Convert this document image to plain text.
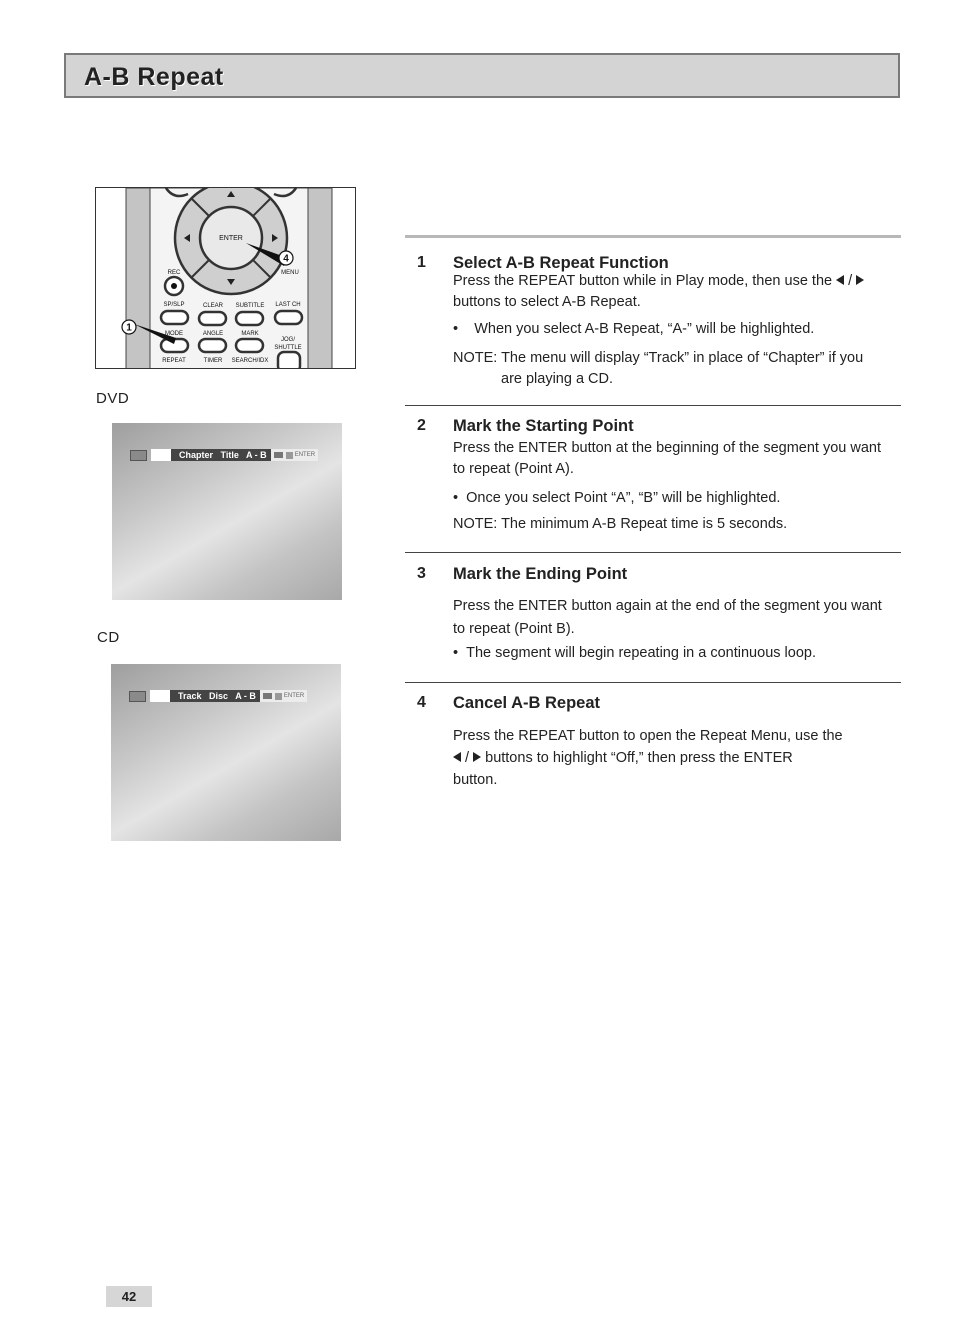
A-B Repeat
ENTER
4
REC	MENU
SP/SLP	CLEAR SUBTITLE LAST CH
MODE	ANGLE	MARK
JOG/
SHUTTLE
REPEAT	TIMER SEARCH/IDX
1
DVD
Chapter   Title   A - B	ENTER
CD
Track   Disc   A - B	ENTER
1 Select A-B Repeat Function
Press the REPEAT button while in Play mode, then use the  /
buttons to select A-B Repeat.
•    When you select A-B Repeat, “A-” will be highlighted.
NOTE: The menu will display “Track” in place of “Chapter” if you
are playing a CD.
2 Mark the Starting Point
Press the ENTER button at the beginning of the segment you want
to repeat (Point A).
•  Once you select Point “A”, “B” will be highlighted.
NOTE: The minimum A-B Repeat time is 5 seconds.
3 Mark the Ending Point
Press the ENTER button again at the end of the segment you want
to repeat (Point B).
•  The segment will begin repeating in a continuous loop.
4 Cancel A-B Repeat
Press the REPEAT button to open the Repeat Menu, use the
/  buttons to highlight “Off,” then press the ENTER
button.
42
